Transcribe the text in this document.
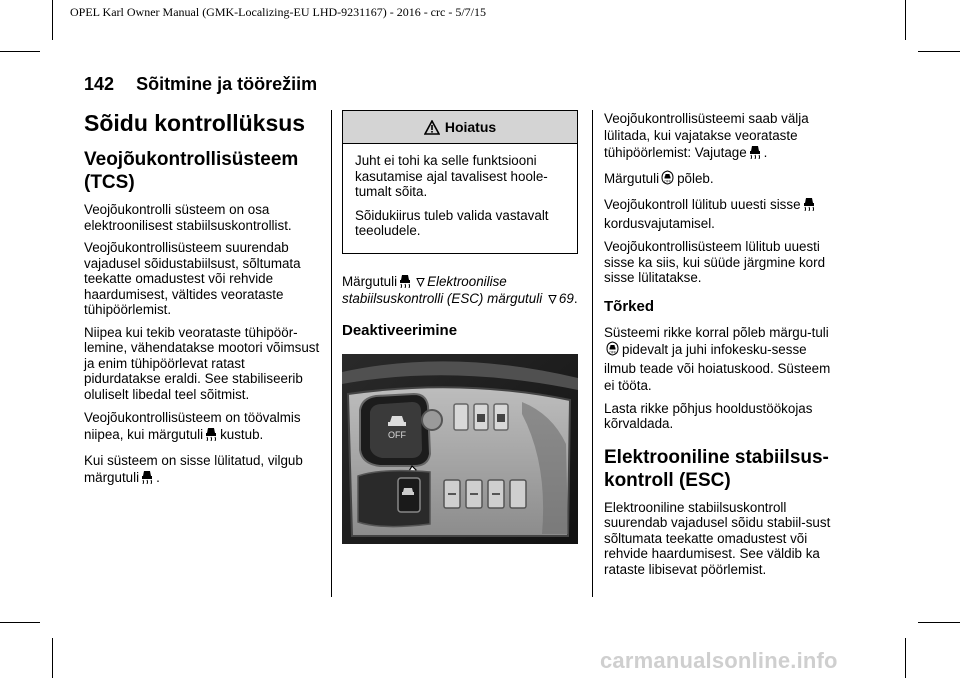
OPEL Karl Owner Manual (GMK-Localizing-EU LHD-9231167) - 2016 - crc - 5/7/15
142 Sõitmine ja töörežiim
Sõidu kontrollüksus
Veojõukontrollisüsteem (TCS)

Veojõukontrolli süsteem on osa elektroonilisest stabiilsuskontrollist.

Veojõukontrollisüsteem suurendab vajadusel sõidustabiilsust, sõltumata teekatte omadustest või rehvide haardumisest, vältides veorataste tühipöörlemist.

Niipea kui tekib veorataste tühipöör-lemine, vähendatakse mootori võimsust ja enim tühipöörlevat ratast pidurdatakse eraldi. See stabiliseerib oluliselt libedal teel sõitmist.

Veojõukontrollisüsteem on töövalmis niipea, kui märgutuli kustub.

Kui süsteem on sisse lülitatud, vilgub märgutuli .

Hoiatus

Juht ei tohi ka selle funktsiooni kasutamise ajal tavalisest hoole-tumalt sõita.

Sõidukiirus tuleb valida vastavalt teeoludele.

Märgutuli Elektroonilise stabiilsuskontrolli (ESC) märgutuli 69.

Deaktiveerimine
OFF

Veojõukontrollisüsteemi saab välja lülitada, kui vajatakse veorataste tühipöörlemist: Vajutage .

Märgutuli OFF põleb.

Veojõukontroll lülitub uuesti sissekordusvajutamisel.

Veojõukontrollisüsteem lülitub uuesti sisse ka siis, kui süüde järgmine kord sisse lülitatakse.

Tõrked

Süsteemi rikke korral põleb märgu-tuli
OFF pidevalt ja juhi infokesku-sesse ilmub teade või hoiatuskood. Süsteem ei tööta.

Lasta rikke põhjus hooldustöökojas kõrvaldada.

Elektrooniline stabiilsus-kontroll (ESC)

Elektrooniline stabiilsuskontroll suurendab vajadusel sõidu stabiil-sust sõltumata teekatte omadustest või rehvide haardumisest. See väldib ka rataste libisevat pöörlemist.

carmanualsonline.info
